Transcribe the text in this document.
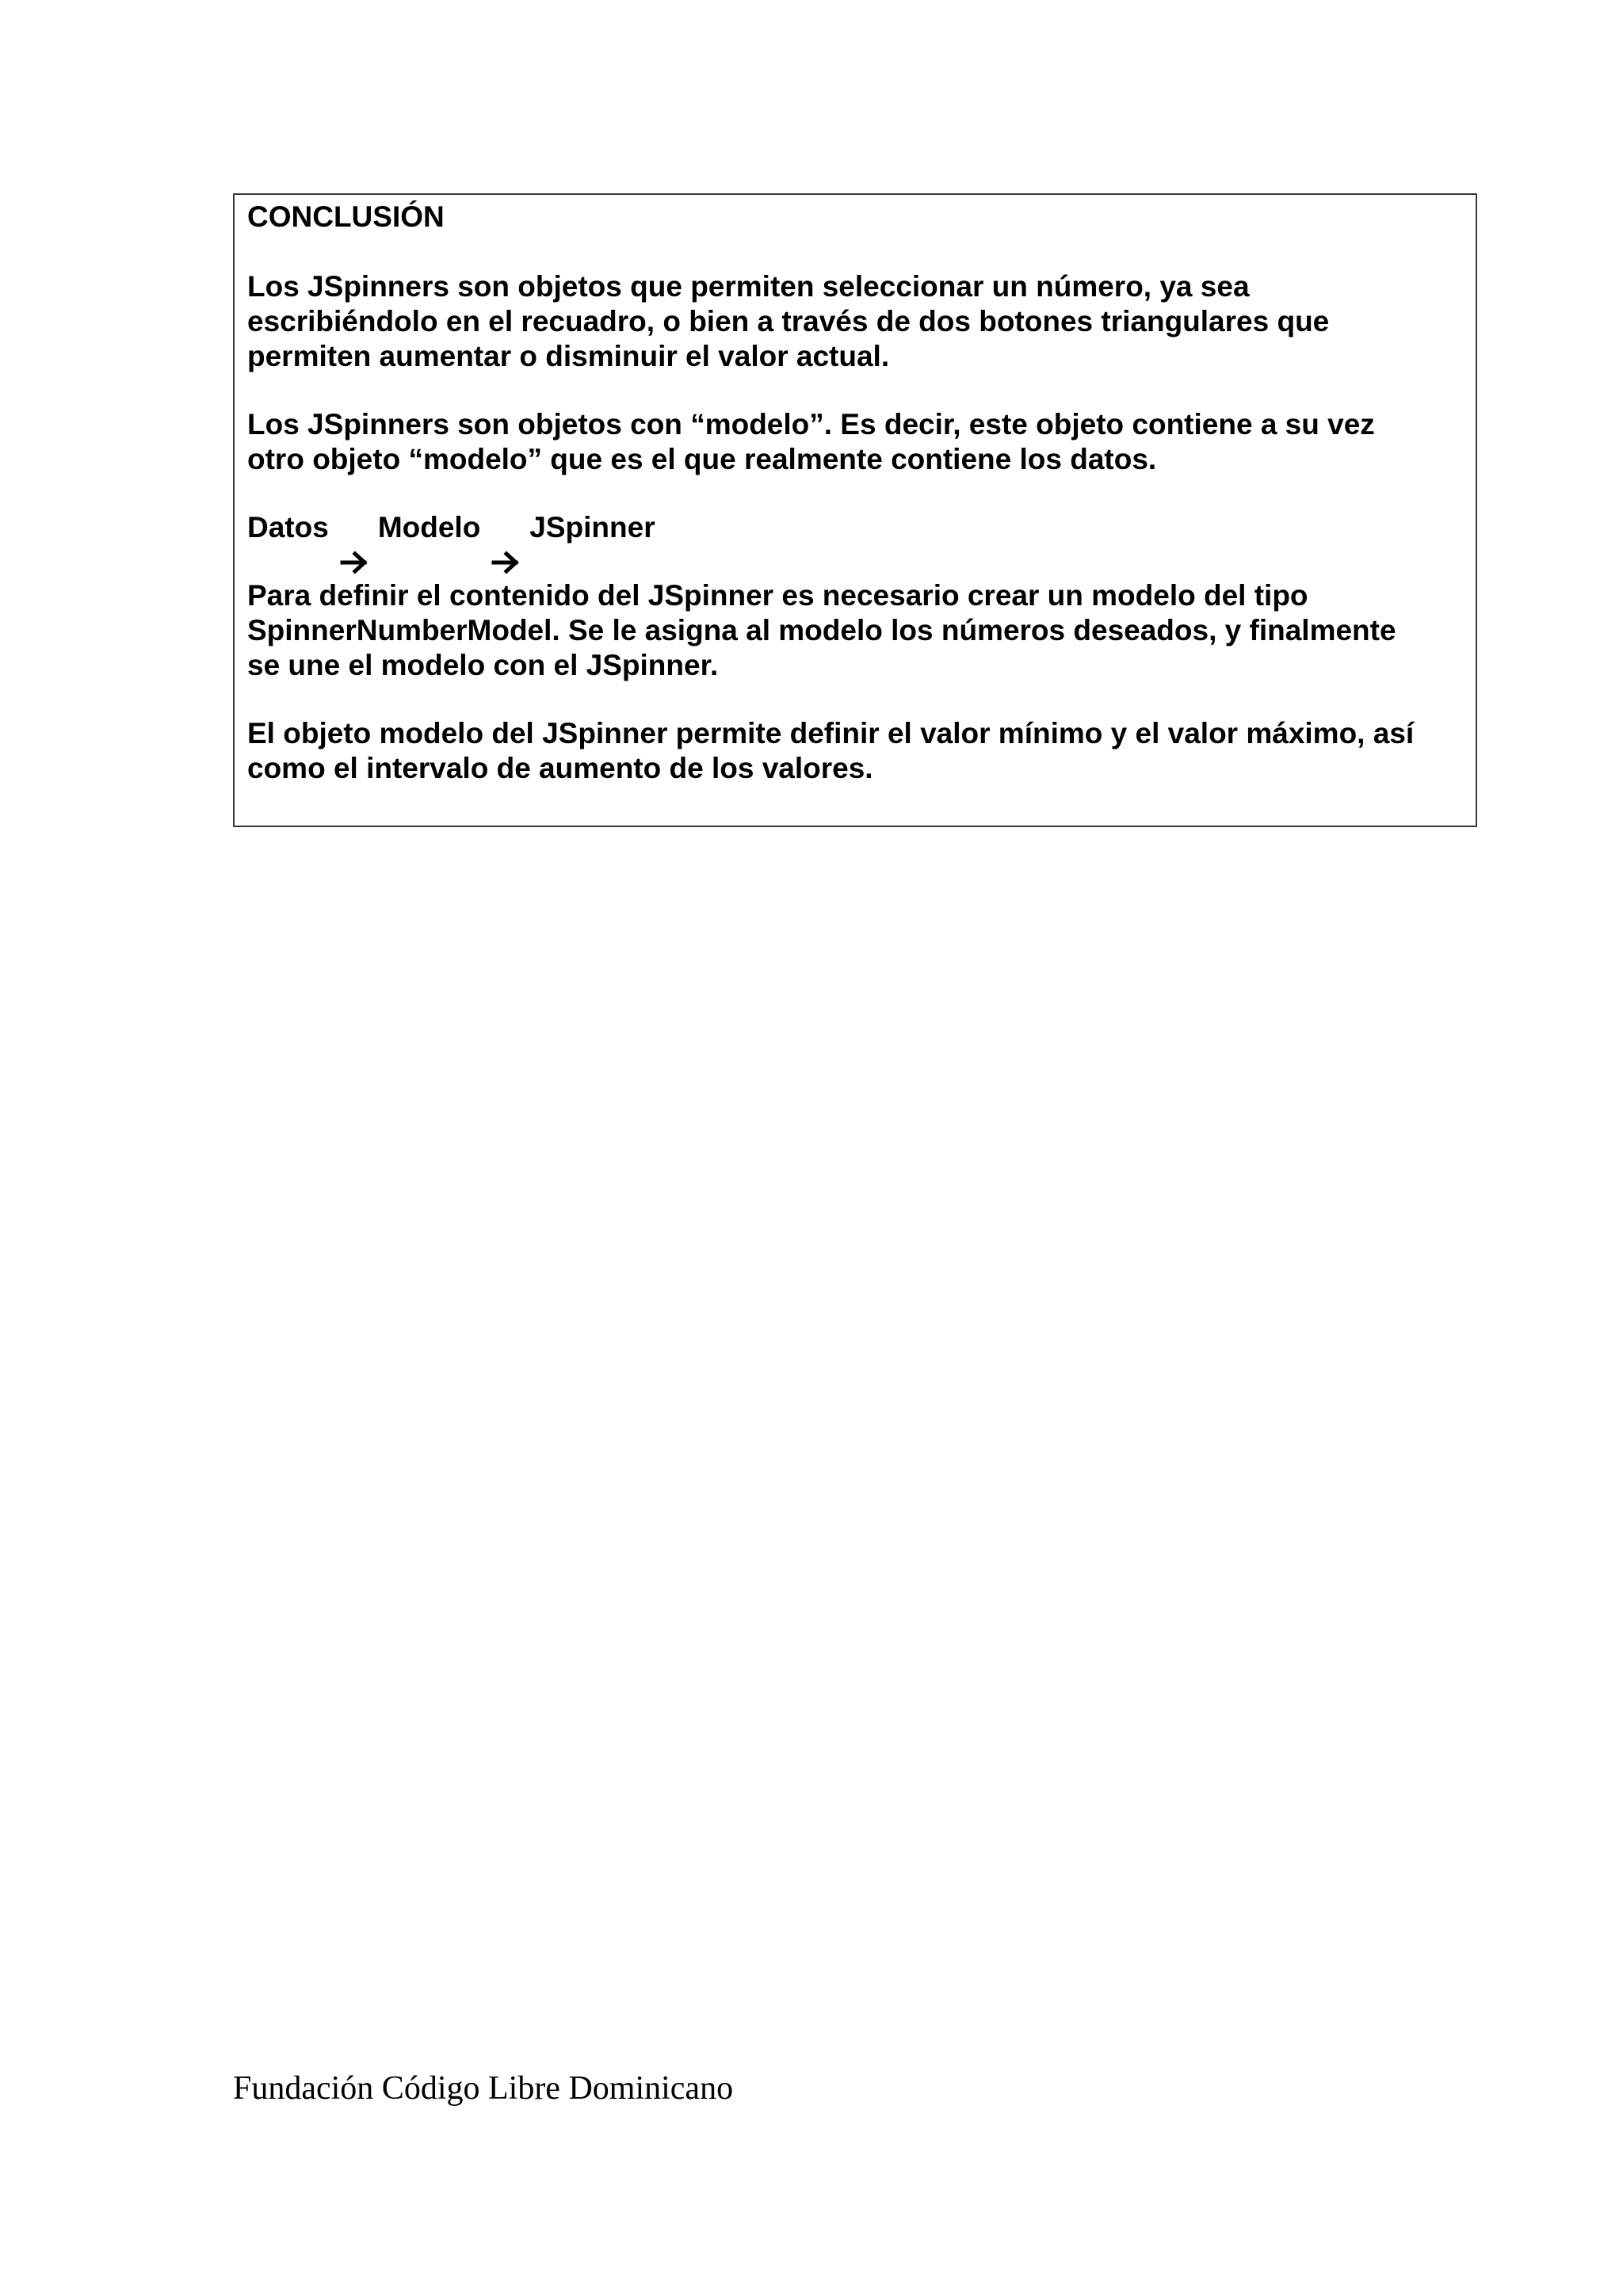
CONCLUSIÓN

Los JSpinners son objetos que permiten seleccionar un número, ya sea
escribiéndolo en el recuadro, o bien a través de dos botones triangulares que
permiten aumentar o disminuir el valor actual.

Los JSpinners son objetos con “modelo”. Es decir, este objeto contiene a su vez
otro objeto “modelo” que es el que realmente contiene los datos.

Datos Modelo JSpinner

Para definir el contenido del JSpinner es necesario crear un modelo del tipo
SpinnerNumberModel. Se le asigna al modelo los números deseados, y finalmente
se une el modelo con el JSpinner.

El objeto modelo del JSpinner permite definir el valor mínimo y el valor máximo, así
como el intervalo de aumento de los valores.

Fundación Código Libre Dominicano
